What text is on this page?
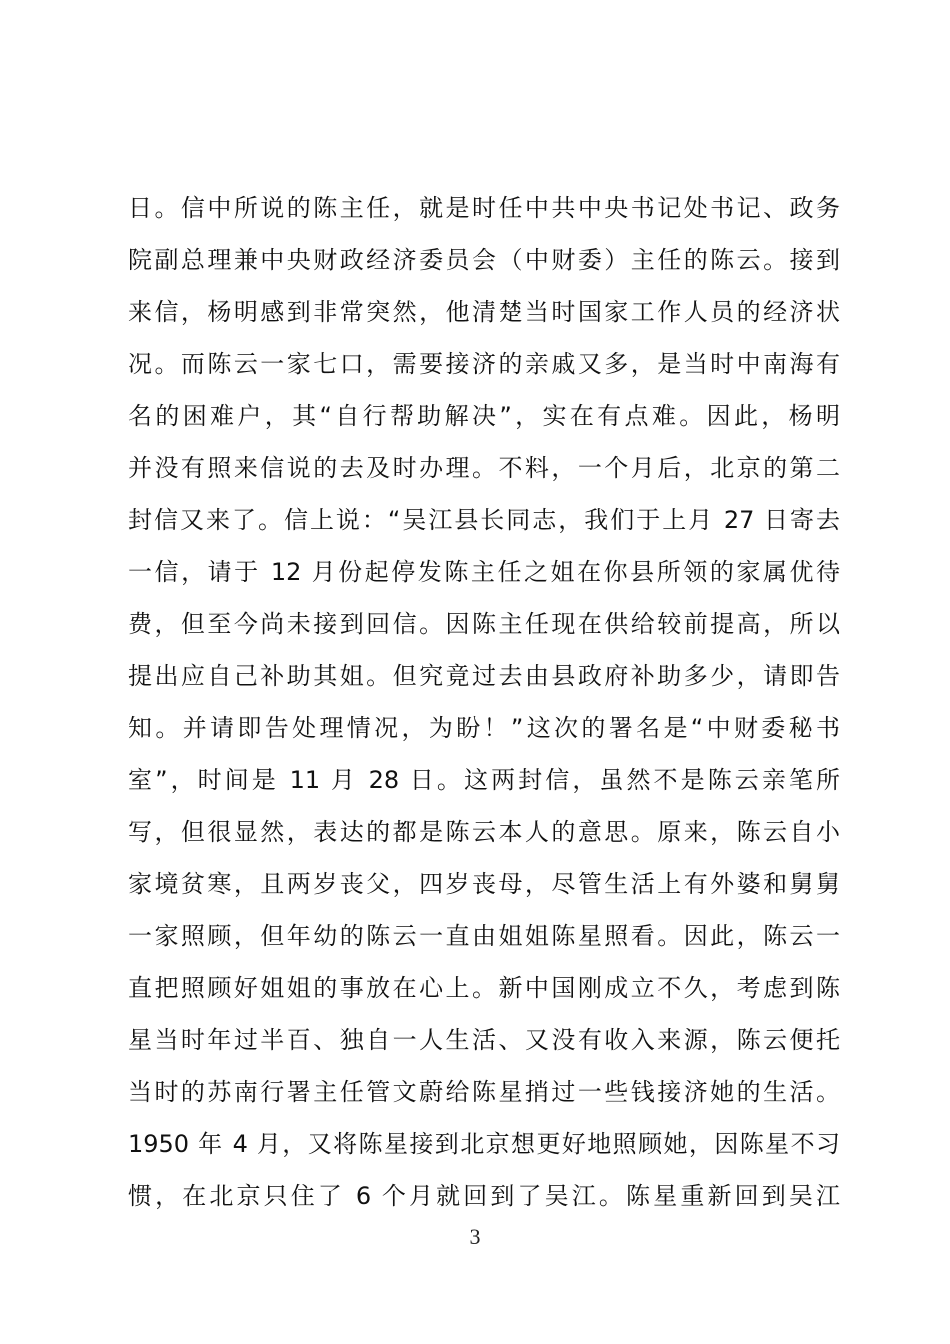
日。信中所说的陈主任，就是时任中共中央书记处书记、政务
院副总理兼中央财政经济委员会（中财委）主任的陈云。接到
来信，杨明感到非常突然，他清楚当时国家工作人员的经济状
况。而陈云一家七口，需要接济的亲戚又多，是当时中南海有
名的困难户，其“自行帮助解决”，实在有点难。因此，杨明
并没有照来信说的去及时办理。不料，一个月后，北京的第二
封信又来了。信上说：“吴江县长同志，我们于上月 27 日寄去
一信，请于 12 月份起停发陈主任之姐在你县所领的家属优待
费，但至今尚未接到回信。因陈主任现在供给较前提高，所以
提出应自己补助其姐。但究竟过去由县政府补助多少，请即告
知。并请即告处理情况，为盼！”这次的署名是“中财委秘书
室”，时间是 11 月 28 日。这两封信，虽然不是陈云亲笔所
写，但很显然，表达的都是陈云本人的意思。原来，陈云自小
家境贫寒，且两岁丧父，四岁丧母，尽管生活上有外婆和舅舅
一家照顾，但年幼的陈云一直由姐姐陈星照看。因此，陈云一
直把照顾好姐姐的事放在心上。新中国刚成立不久，考虑到陈
星当时年过半百、独自一人生活、又没有收入来源，陈云便托
当时的苏南行署主任管文蔚给陈星捎过一些钱接济她的生活。
1950 年 4 月，又将陈星接到北京想更好地照顾她，因陈星不习
惯，在北京只住了 6 个月就回到了吴江。陈星重新回到吴江
3
